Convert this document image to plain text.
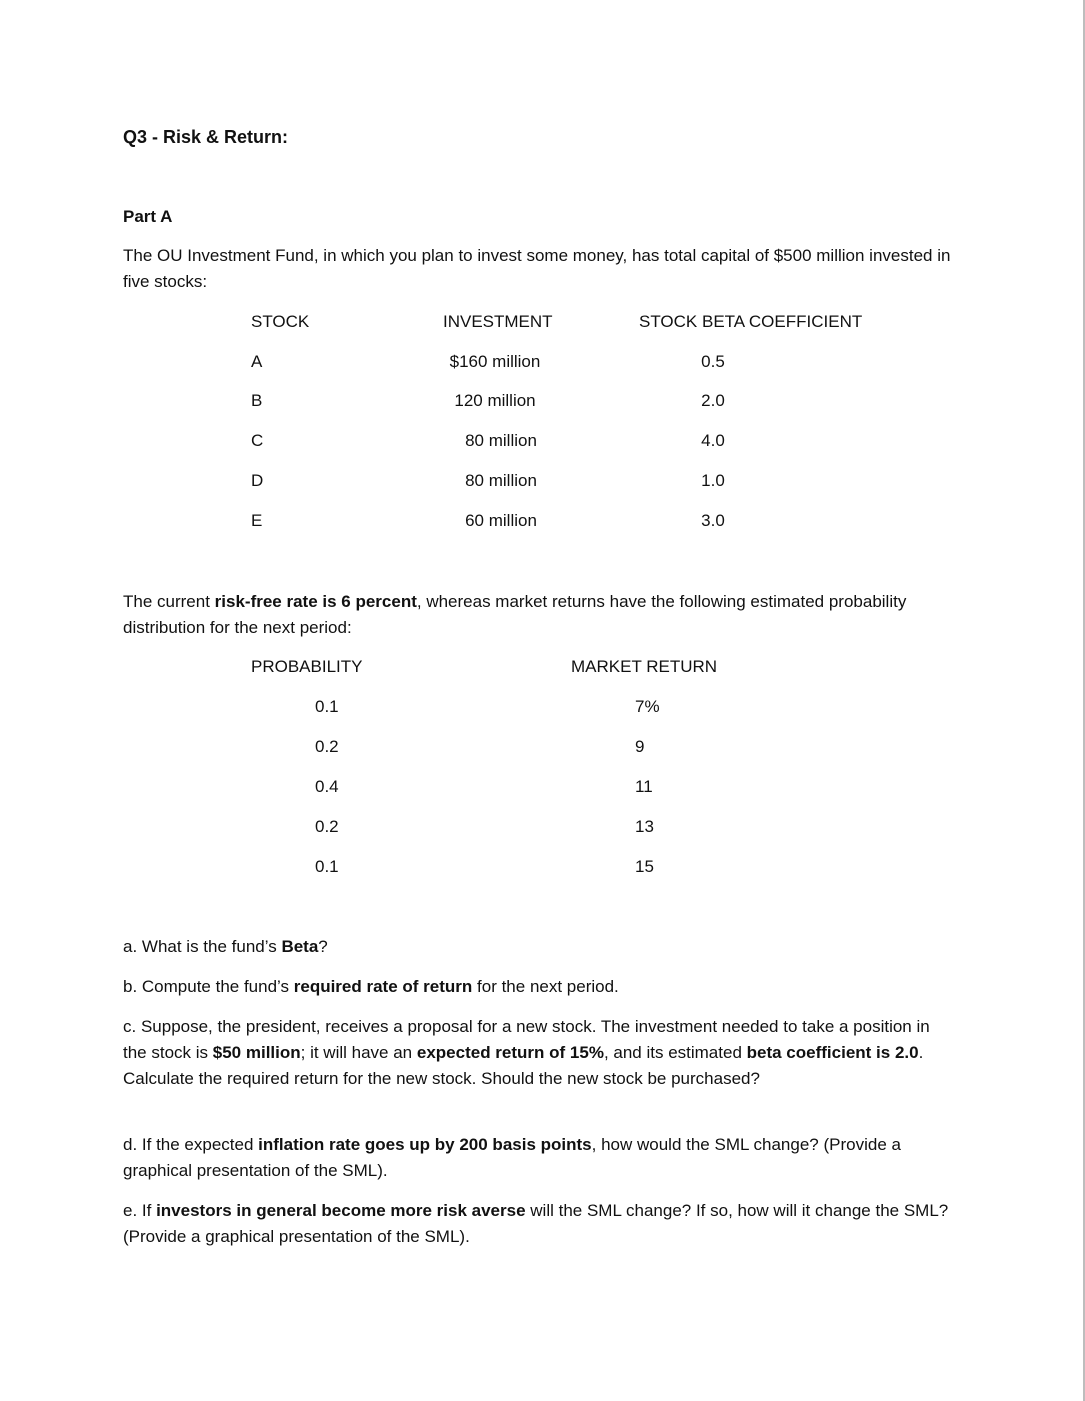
Q3 - Risk & Return:
Part A
The OU Investment Fund, in which you plan to invest some money, has total capital of $500 million invested in five stocks:
STOCK	INVESTMENT	STOCK BETA COEFFICIENT
A	$160 million	0.5
B	120 million	2.0
C	80 million	4.0
D	80 million	1.0
E	60 million	3.0
The current risk-free rate is 6 percent, whereas market returns have the following estimated probability distribution for the next period:
PROBABILITY	MARKET RETURN
0.1	7%
0.2	9
0.4	11
0.2	13
0.1	15
a. What is the fund’s Beta?
b. Compute the fund’s required rate of return for the next period.
c. Suppose, the president, receives a proposal for a new stock. The investment needed to take a position in the stock is $50 million; it will have an expected return of 15%, and its estimated beta coefficient is 2.0. Calculate the required return for the new stock. Should the new stock be purchased?
d. If the expected inflation rate goes up by 200 basis points, how would the SML change? (Provide a graphical presentation of the SML).
e. If investors in general become more risk averse will the SML change? If so, how will it change the SML? (Provide a graphical presentation of the SML).
